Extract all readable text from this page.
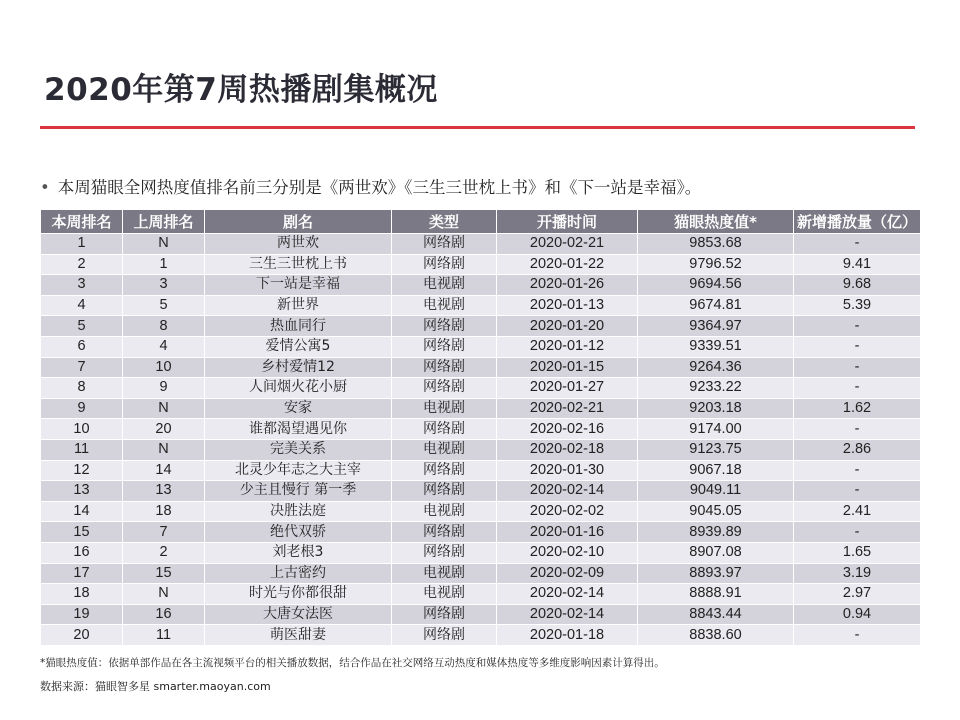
2020年第7周热播剧集概况
• 本周猫眼全网热度值排名前三分别是《两世欢》《三生三世枕上书》和《下一站是幸福》。
本周排名	上周排名	剧名	类型	开播时间	猫眼热度值*	新增播放量（亿）
1	N	两世欢	网络剧	2020-02-21	9853.68	-
2	1	三生三世枕上书	网络剧	2020-01-22	9796.52	9.41
3	3	下一站是幸福	电视剧	2020-01-26	9694.56	9.68
4	5	新世界	电视剧	2020-01-13	9674.81	5.39
5	8	热血同行	网络剧	2020-01-20	9364.97	-
6	4	爱情公寓5	网络剧	2020-01-12	9339.51	-
7	10	乡村爱情12	网络剧	2020-01-15	9264.36	-
8	9	人间烟火花小厨	网络剧	2020-01-27	9233.22	-
9	N	安家	电视剧	2020-02-21	9203.18	1.62
10	20	谁都渴望遇见你	网络剧	2020-02-16	9174.00	-
11	N	完美关系	电视剧	2020-02-18	9123.75	2.86
12	14	北灵少年志之大主宰	网络剧	2020-01-30	9067.18	-
13	13	少主且慢行 第一季	网络剧	2020-02-14	9049.11	-
14	18	决胜法庭	电视剧	2020-02-02	9045.05	2.41
15	7	绝代双骄	网络剧	2020-01-16	8939.89	-
16	2	刘老根3	网络剧	2020-02-10	8907.08	1.65
17	15	上古密约	电视剧	2020-02-09	8893.97	3.19
18	N	时光与你都很甜	电视剧	2020-02-14	8888.91	2.97
19	16	大唐女法医	网络剧	2020-02-14	8843.44	0.94
20	11	萌医甜妻	网络剧	2020-01-18	8838.60	-
*猫眼热度值：依据单部作品在各主流视频平台的相关播放数据，结合作品在社交网络互动热度和媒体热度等多维度影响因素计算得出。
数据来源：猫眼智多星 smarter.maoyan.com
